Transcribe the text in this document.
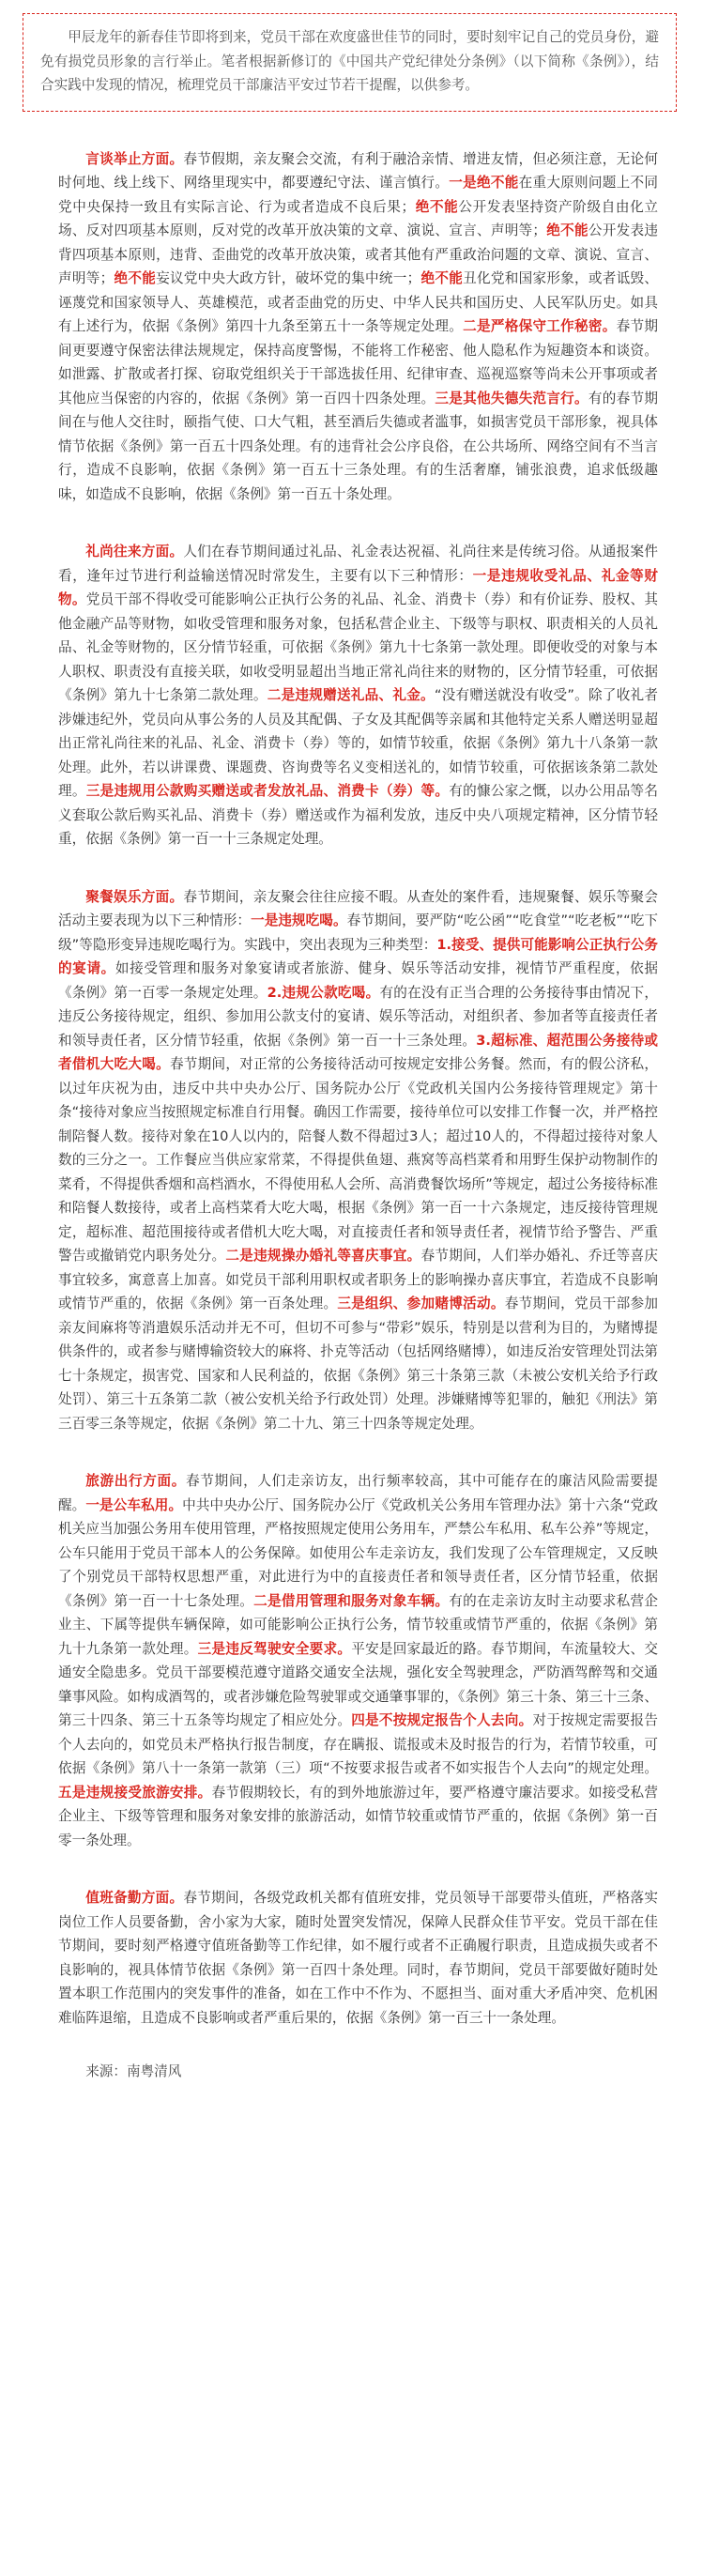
甲辰龙年的新春佳节即将到来，党员干部在欢度盛世佳节的同时，要时刻牢记自己的党员身份，避免有损党员形象的言行举止。笔者根据新修订的《中国共产党纪律处分条例》（以下简称《条例》），结合实践中发现的情况，梳理党员干部廉洁平安过节若干提醒，以供参考。

言谈举止方面。春节假期，亲友聚会交流，有利于融洽亲情、增进友情，但必须注意，无论何时何地、线上线下、网络里现实中，都要遵纪守法、谨言慎行。一是绝不能在重大原则问题上不同党中央保持一致且有实际言论、行为或者造成不良后果；绝不能公开发表坚持资产阶级自由化立场、反对四项基本原则，反对党的改革开放决策的文章、演说、宣言、声明等；绝不能公开发表违背四项基本原则，违背、歪曲党的改革开放决策，或者其他有严重政治问题的文章、演说、宣言、声明等；绝不能妄议党中央大政方针，破坏党的集中统一；绝不能丑化党和国家形象，或者诋毁、诬蔑党和国家领导人、英雄模范，或者歪曲党的历史、中华人民共和国历史、人民军队历史。如具有上述行为，依据《条例》第四十九条至第五十一条等规定处理。二是严格保守工作秘密。春节期间更要遵守保密法律法规规定，保持高度警惕，不能将工作秘密、他人隐私作为短趣资本和谈资。如泄露、扩散或者打探、窃取党组织关于干部选拔任用、纪律审查、巡视巡察等尚未公开事项或者其他应当保密的内容的，依据《条例》第一百四十四条处理。三是其他失德失范言行。有的春节期间在与他人交往时，颐指气使、口大气粗，甚至酒后失德或者滥事，如损害党员干部形象，视具体情节依据《条例》第一百五十四条处理。有的违背社会公序良俗，在公共场所、网络空间有不当言行，造成不良影响，依据《条例》第一百五十三条处理。有的生活奢靡，铺张浪费，追求低级趣味，如造成不良影响，依据《条例》第一百五十条处理。

礼尚往来方面。人们在春节期间通过礼品、礼金表达祝福、礼尚往来是传统习俗。从通报案件看，逢年过节进行利益输送情况时常发生，主要有以下三种情形：一是违规收受礼品、礼金等财物。党员干部不得收受可能影响公正执行公务的礼品、礼金、消费卡（券）和有价证券、股权、其他金融产品等财物，如收受管理和服务对象，包括私营企业主、下级等与职权、职责相关的人员礼品、礼金等财物的，区分情节轻重，可依据《条例》第九十七条第一款处理。即便收受的对象与本人职权、职责没有直接关联，如收受明显超出当地正常礼尚往来的财物的，区分情节轻重，可依据《条例》第九十七条第二款处理。二是违规赠送礼品、礼金。“没有赠送就没有收受”。除了收礼者涉嫌违纪外，党员向从事公务的人员及其配偶、子女及其配偶等亲属和其他特定关系人赠送明显超出正常礼尚往来的礼品、礼金、消费卡（券）等的，如情节较重，依据《条例》第九十八条第一款处理。此外，若以讲课费、课题费、咨询费等名义变相送礼的，如情节较重，可依据该条第二款处理。三是违规用公款购买赠送或者发放礼品、消费卡（券）等。有的慷公家之慨，以办公用品等名义套取公款后购买礼品、消费卡（券）赠送或作为福利发放，违反中央八项规定精神，区分情节轻重，依据《条例》第一百一十三条规定处理。

聚餐娱乐方面。春节期间，亲友聚会往往应接不暇。从查处的案件看，违规聚餐、娱乐等聚会活动主要表现为以下三种情形：一是违规吃喝。春节期间，要严防“吃公函”“吃食堂”“吃老板”“吃下级”等隐形变异违规吃喝行为。实践中，突出表现为三种类型：1.接受、提供可能影响公正执行公务的宴请。如接受管理和服务对象宴请或者旅游、健身、娱乐等活动安排，视情节严重程度，依据《条例》第一百零一条规定处理。2.违规公款吃喝。有的在没有正当合理的公务接待事由情况下，违反公务接待规定，组织、参加用公款支付的宴请、娱乐等活动，对组织者、参加者等直接责任者和领导责任者，区分情节轻重，依据《条例》第一百一十三条处理。3.超标准、超范围公务接待或者借机大吃大喝。春节期间，对正常的公务接待活动可按规定安排公务餐。然而，有的假公济私，以过年庆祝为由，违反中共中央办公厅、国务院办公厅《党政机关国内公务接待管理规定》第十条“接待对象应当按照规定标准自行用餐。确因工作需要，接待单位可以安排工作餐一次，并严格控制陪餐人数。接待对象在10人以内的，陪餐人数不得超过3人；超过10人的，不得超过接待对象人数的三分之一。工作餐应当供应家常菜，不得提供鱼翅、燕窝等高档菜肴和用野生保护动物制作的菜肴，不得提供香烟和高档酒水，不得使用私人会所、高消费餐饮场所”等规定，超过公务接待标准和陪餐人数接待，或者上高档菜肴大吃大喝，根据《条例》第一百一十六条规定，违反接待管理规定，超标准、超范围接待或者借机大吃大喝，对直接责任者和领导责任者，视情节给予警告、严重警告或撤销党内职务处分。二是违规操办婚礼等喜庆事宜。春节期间，人们举办婚礼、乔迁等喜庆事宜较多，寓意喜上加喜。如党员干部利用职权或者职务上的影响操办喜庆事宜，若造成不良影响或情节严重的，依据《条例》第一百条处理。三是组织、参加赌博活动。春节期间，党员干部参加亲友间麻将等消遣娱乐活动并无不可，但切不可参与“带彩”娱乐，特别是以营利为目的，为赌博提供条件的，或者参与赌博输资较大的麻将、扑克等活动（包括网络赌博），如违反治安管理处罚法第七十条规定，损害党、国家和人民利益的，依据《条例》第三十条第三款（未被公安机关给予行政处罚）、第三十五条第二款（被公安机关给予行政处罚）处理。涉嫌赌博等犯罪的，触犯《刑法》第三百零三条等规定，依据《条例》第二十九、第三十四条等规定处理。

旅游出行方面。春节期间，人们走亲访友，出行频率较高，其中可能存在的廉洁风险需要提醒。一是公车私用。中共中央办公厅、国务院办公厅《党政机关公务用车管理办法》第十六条“党政机关应当加强公务用车使用管理，严格按照规定使用公务用车，严禁公车私用、私车公养”等规定，公车只能用于党员干部本人的公务保障。如使用公车走亲访友，我们发现了公车管理规定，又反映了个别党员干部特权思想严重，对此进行为中的直接责任者和领导责任者，区分情节轻重，依据《条例》第一百一十七条处理。二是借用管理和服务对象车辆。有的在走亲访友时主动要求私营企业主、下属等提供车辆保障，如可能影响公正执行公务，情节较重或情节严重的，依据《条例》第九十九条第一款处理。三是违反驾驶安全要求。平安是回家最近的路。春节期间，车流量较大、交通安全隐患多。党员干部要模范遵守道路交通安全法规，强化安全驾驶理念，严防酒驾醉驾和交通肇事风险。如构成酒驾的，或者涉嫌危险驾驶罪或交通肇事罪的，《条例》第三十条、第三十三条、第三十四条、第三十五条等均规定了相应处分。四是不按规定报告个人去向。对于按规定需要报告个人去向的，如党员未严格执行报告制度，存在瞒报、谎报或未及时报告的行为，若情节较重，可依据《条例》第八十一条第一款第（三）项“不按要求报告或者不如实报告个人去向”的规定处理。五是违规接受旅游安排。春节假期较长，有的到外地旅游过年，要严格遵守廉洁要求。如接受私营企业主、下级等管理和服务对象安排的旅游活动，如情节较重或情节严重的，依据《条例》第一百零一条处理。

值班备勤方面。春节期间，各级党政机关都有值班安排，党员领导干部要带头值班，严格落实岗位工作人员要备勤，舍小家为大家，随时处置突发情况，保障人民群众佳节平安。党员干部在佳节期间，要时刻严格遵守值班备勤等工作纪律，如不履行或者不正确履行职责，且造成损失或者不良影响的，视具体情节依据《条例》第一百四十条处理。同时，春节期间，党员干部要做好随时处置本职工作范围内的突发事件的准备，如在工作中不作为、不愿担当、面对重大矛盾冲突、危机困难临阵退缩，且造成不良影响或者严重后果的，依据《条例》第一百三十一条处理。

来源：南粤清风
